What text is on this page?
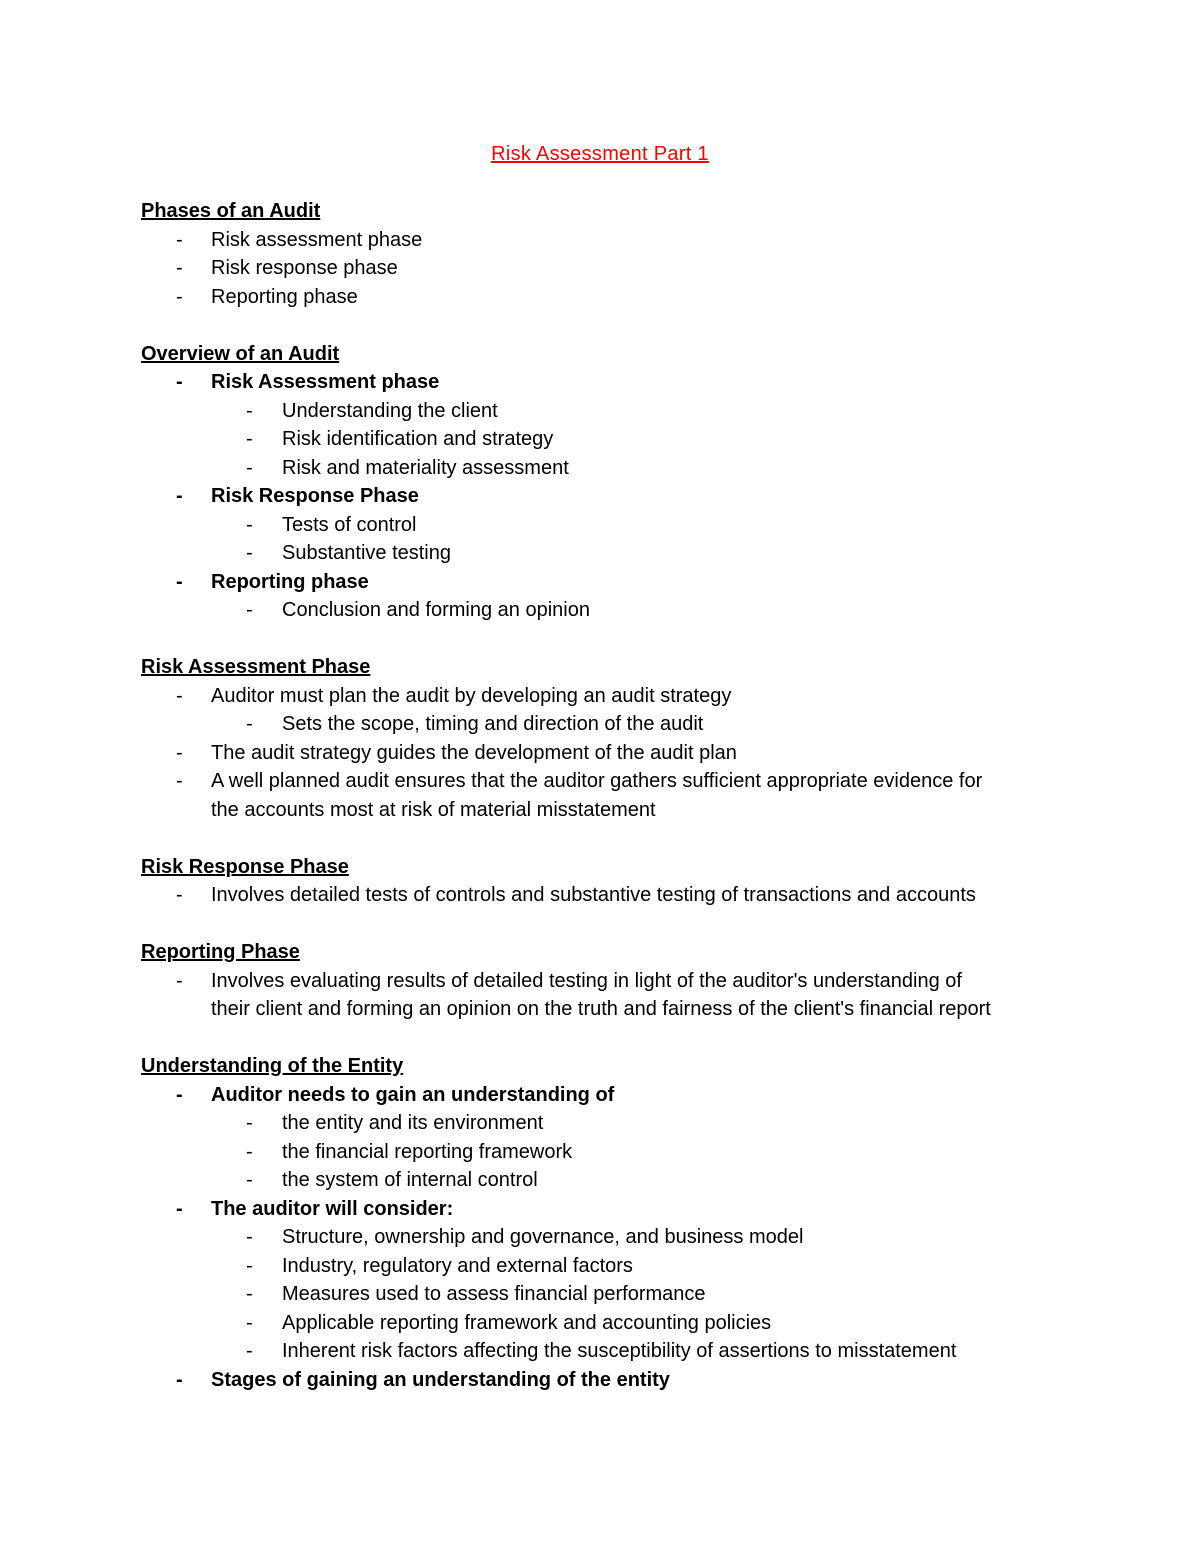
Risk Assessment Part 1
Phases of an Audit
- Risk assessment phase
- Risk response phase
- Reporting phase
Overview of an Audit
- Risk Assessment phase
- Understanding the client
- Risk identification and strategy
- Risk and materiality assessment
- Risk Response Phase
- Tests of control
- Substantive testing
- Reporting phase
- Conclusion and forming an opinion
Risk Assessment Phase
- Auditor must plan the audit by developing an audit strategy
- Sets the scope, timing and direction of the audit
- The audit strategy guides the development of the audit plan
- A well planned audit ensures that the auditor gathers sufficient appropriate evidence for
the accounts most at risk of material misstatement
Risk Response Phase
- Involves detailed tests of controls and substantive testing of transactions and accounts
Reporting Phase
- Involves evaluating results of detailed testing in light of the auditor's understanding of
their client and forming an opinion on the truth and fairness of the client's financial report
Understanding of the Entity
- Auditor needs to gain an understanding of
- the entity and its environment
- the financial reporting framework
- the system of internal control
- The auditor will consider:
- Structure, ownership and governance, and business model
- Industry, regulatory and external factors
- Measures used to assess financial performance
- Applicable reporting framework and accounting policies
- Inherent risk factors affecting the susceptibility of assertions to misstatement
- Stages of gaining an understanding of the entity
